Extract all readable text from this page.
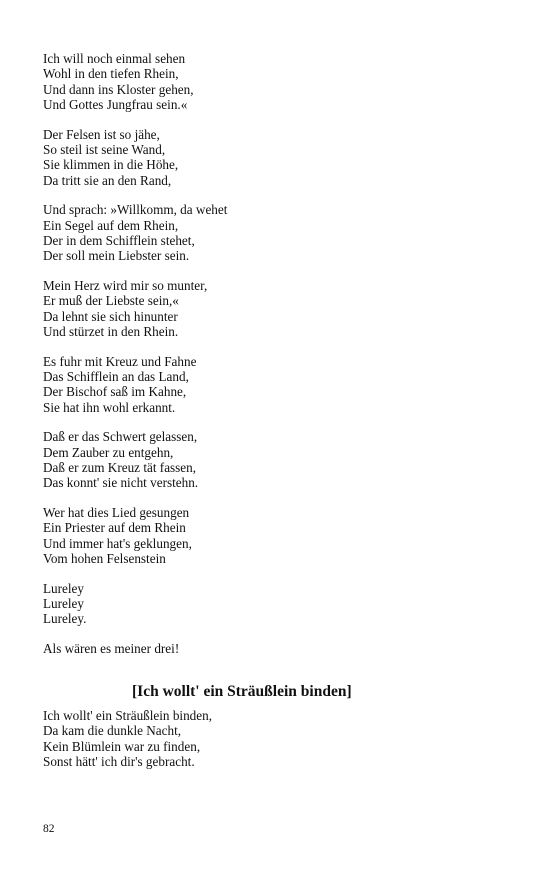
Ich will noch einmal sehen
Wohl in den tiefen Rhein,
Und dann ins Kloster gehen,
Und Gottes Jungfrau sein.«
Der Felsen ist so jähe,
So steil ist seine Wand,
Sie klimmen in die Höhe,
Da tritt sie an den Rand,
Und sprach: »Willkomm, da wehet
Ein Segel auf dem Rhein,
Der in dem Schifflein stehet,
Der soll mein Liebster sein.
Mein Herz wird mir so munter,
Er muß der Liebste sein,«
Da lehnt sie sich hinunter
Und stürzet in den Rhein.
Es fuhr mit Kreuz und Fahne
Das Schifflein an das Land,
Der Bischof saß im Kahne,
Sie hat ihn wohl erkannt.
Daß er das Schwert gelassen,
Dem Zauber zu entgehn,
Daß er zum Kreuz tät fassen,
Das konnt' sie nicht verstehn.
Wer hat dies Lied gesungen
Ein Priester auf dem Rhein
Und immer hat's geklungen,
Vom hohen Felsenstein
Lureley
Lureley
Lureley.
Als wären es meiner drei!
[Ich wollt' ein Sträußlein binden]
Ich wollt' ein Sträußlein binden,
Da kam die dunkle Nacht,
Kein Blümlein war zu finden,
Sonst hätt' ich dir's gebracht.
82
